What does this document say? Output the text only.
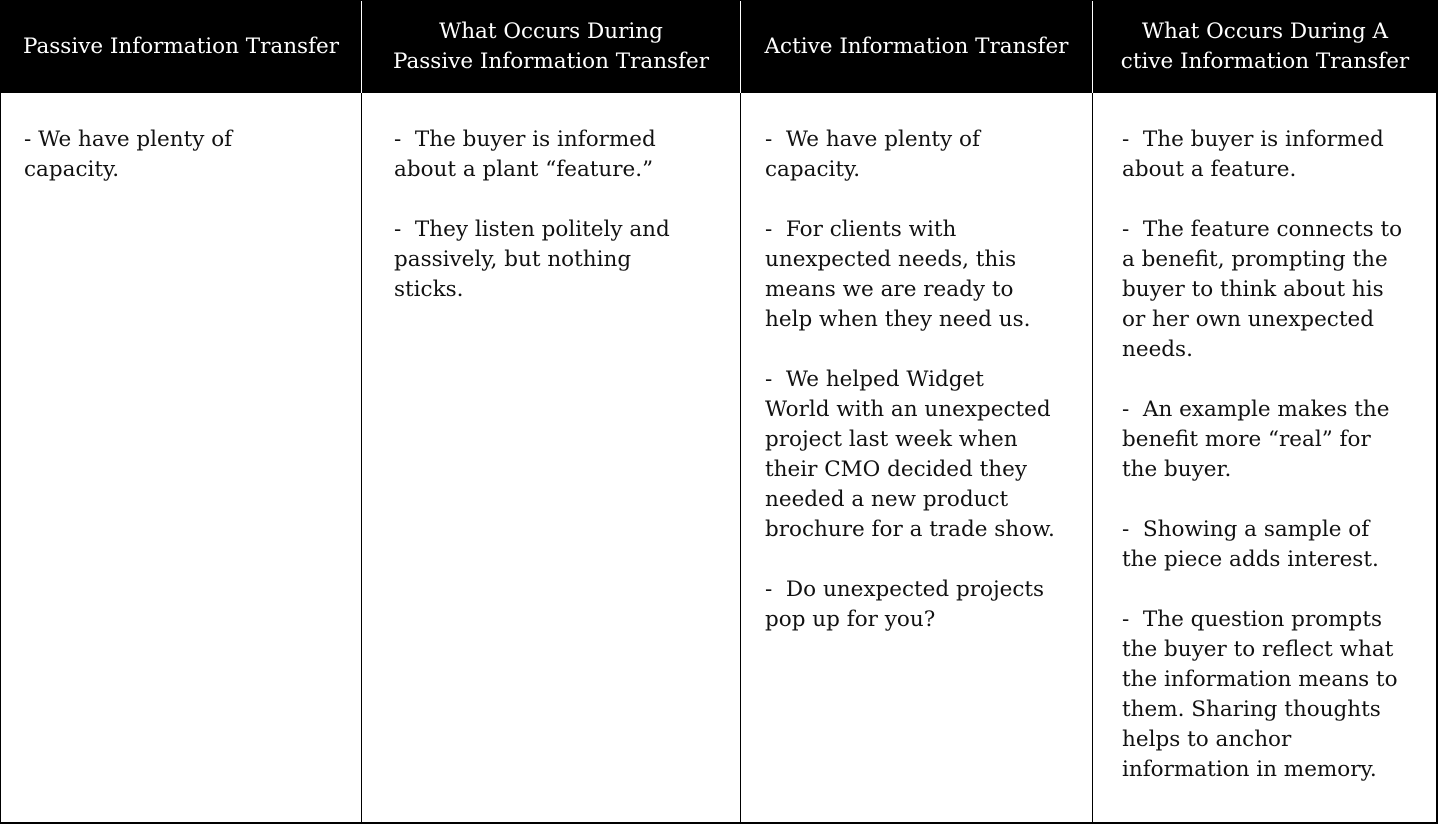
Passive Information Transfer
What Occurs During
Passive Information Transfer
Active Information Transfer
What Occurs During A
ctive Information Transfer

- We have plenty of
capacity.

-  The buyer is informed
about a plant “feature.”

-  They listen politely and
passively, but nothing
sticks.

-  We have plenty of
capacity.

-  For clients with
unexpected needs, this
means we are ready to
help when they need us.

-  We helped Widget
World with an unexpected
project last week when
their CMO decided they
needed a new product
brochure for a trade show.

-  Do unexpected projects
pop up for you?

-  The buyer is informed
about a feature.

-  The feature connects to
a benefit, prompting the
buyer to think about his
or her own unexpected
needs.

-  An example makes the
benefit more “real” for
the buyer.

-  Showing a sample of
the piece adds interest.

-  The question prompts
the buyer to reflect what
the information means to
them. Sharing thoughts
helps to anchor
information in memory.
